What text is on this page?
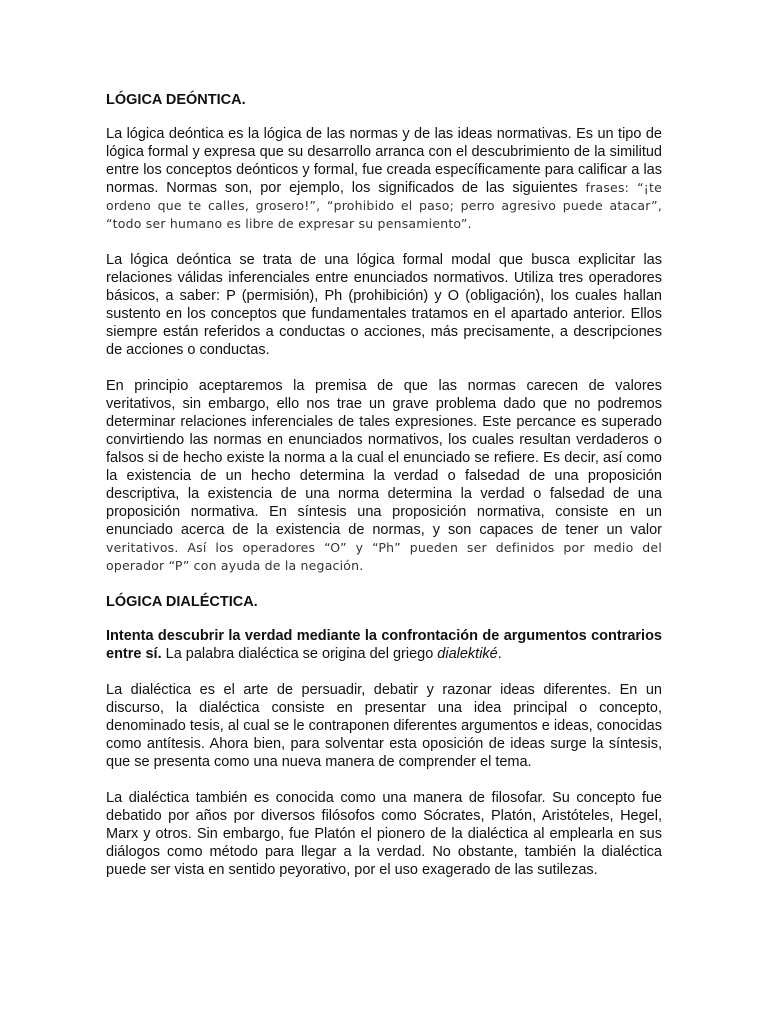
LÓGICA DEÓNTICA.

La lógica deóntica es la lógica de las normas y de las ideas normativas. Es un tipo de lógica formal y expresa que su desarrollo arranca con el descubrimiento de la similitud entre los conceptos deónticos y formal, fue creada específicamente para calificar a las normas. Normas son, por ejemplo, los significados de las siguientes frases: “¡te ordeno que te calles, grosero!”, “prohibido el paso; perro agresivo puede atacar”, “todo ser humano es libre de expresar su pensamiento”.

La lógica deóntica se trata de una lógica formal modal que busca explicitar las relaciones válidas inferenciales entre enunciados normativos. Utiliza tres operadores básicos, a saber: P (permisión), Ph (prohibición) y O (obligación), los cuales hallan sustento en los conceptos que fundamentales tratamos en el apartado anterior. Ellos siempre están referidos a conductas o acciones, más precisamente, a descripciones de acciones o conductas.

En principio aceptaremos la premisa de que las normas carecen de valores veritativos, sin embargo, ello nos trae un grave problema dado que no podremos determinar relaciones inferenciales de tales expresiones. Este percance es superado convirtiendo las normas en enunciados normativos, los cuales resultan verdaderos o falsos si de hecho existe la norma a la cual el enunciado se refiere. Es decir, así como la existencia de un hecho determina la verdad o falsedad de una proposición descriptiva, la existencia de una norma determina la verdad o falsedad de una proposición normativa. En síntesis una proposición normativa, consiste en un enunciado acerca de la existencia de normas, y son capaces de tener un valor veritativos. Así los operadores “O” y “Ph” pueden ser definidos por medio del operador “P” con ayuda de la negación.

LÓGICA DIALÉCTICA.

Intenta descubrir la verdad mediante la confrontación de argumentos contrarios entre sí. La palabra dialéctica se origina del griego dialektiké.

La dialéctica es el arte de persuadir, debatir y razonar ideas diferentes. En un discurso, la dialéctica consiste en presentar una idea principal o concepto, denominado tesis, al cual se le contraponen diferentes argumentos e ideas, conocidas como antítesis. Ahora bien, para solventar esta oposición de ideas surge la síntesis, que se presenta como una nueva manera de comprender el tema.

La dialéctica también es conocida como una manera de filosofar. Su concepto fue debatido por años por diversos filósofos como Sócrates, Platón, Aristóteles, Hegel, Marx y otros. Sin embargo, fue Platón el pionero de la dialéctica al emplearla en sus diálogos como método para llegar a la verdad. No obstante, también la dialéctica puede ser vista en sentido peyorativo, por el uso exagerado de las sutilezas.
